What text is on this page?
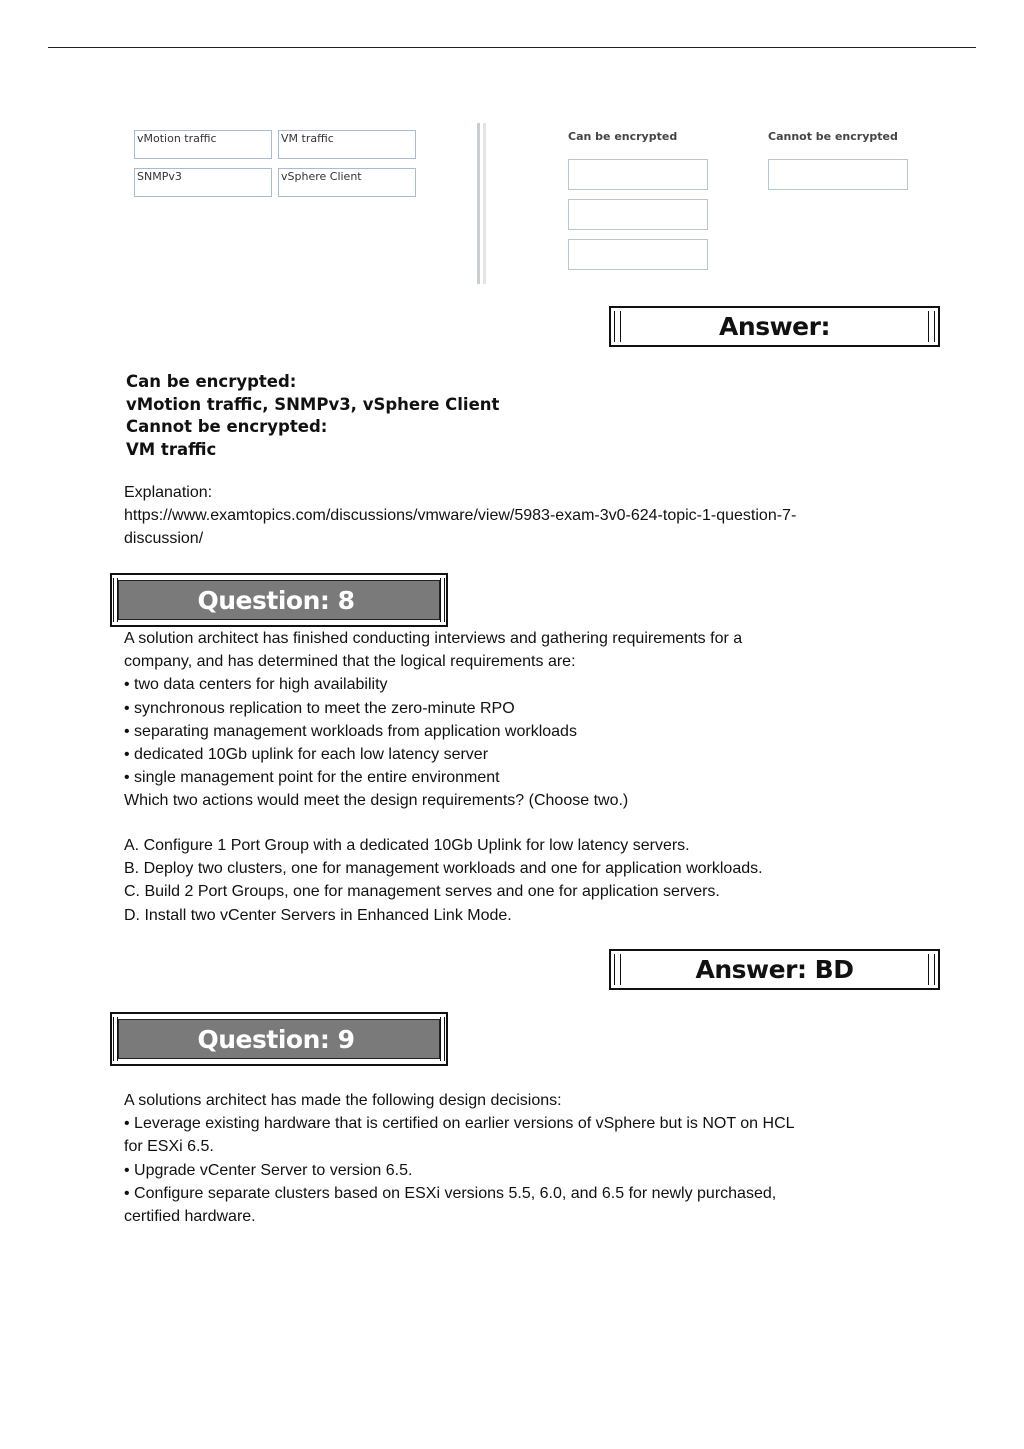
vMotion traffic	VM traffic
SNMPv3	vSphere Client
Can be encrypted	Cannot be encrypted
Answer:
Can be encrypted:
vMotion traffic, SNMPv3, vSphere Client
Cannot be encrypted:
VM traffic
Explanation:
https://www.examtopics.com/discussions/vmware/view/5983-exam-3v0-624-topic-1-question-7-
discussion/
Question: 8
A solution architect has finished conducting interviews and gathering requirements for a
company, and has determined that the logical requirements are:
• two data centers for high availability
• synchronous replication to meet the zero-minute RPO
• separating management workloads from application workloads
• dedicated 10Gb uplink for each low latency server
• single management point for the entire environment
Which two actions would meet the design requirements? (Choose two.)
A. Configure 1 Port Group with a dedicated 10Gb Uplink for low latency servers.
B. Deploy two clusters, one for management workloads and one for application workloads.
C. Build 2 Port Groups, one for management serves and one for application servers.
D. Install two vCenter Servers in Enhanced Link Mode.
Answer: BD
Question: 9
A solutions architect has made the following design decisions:
• Leverage existing hardware that is certified on earlier versions of vSphere but is NOT on HCL
for ESXi 6.5.
• Upgrade vCenter Server to version 6.5.
• Configure separate clusters based on ESXi versions 5.5, 6.0, and 6.5 for newly purchased,
certified hardware.
